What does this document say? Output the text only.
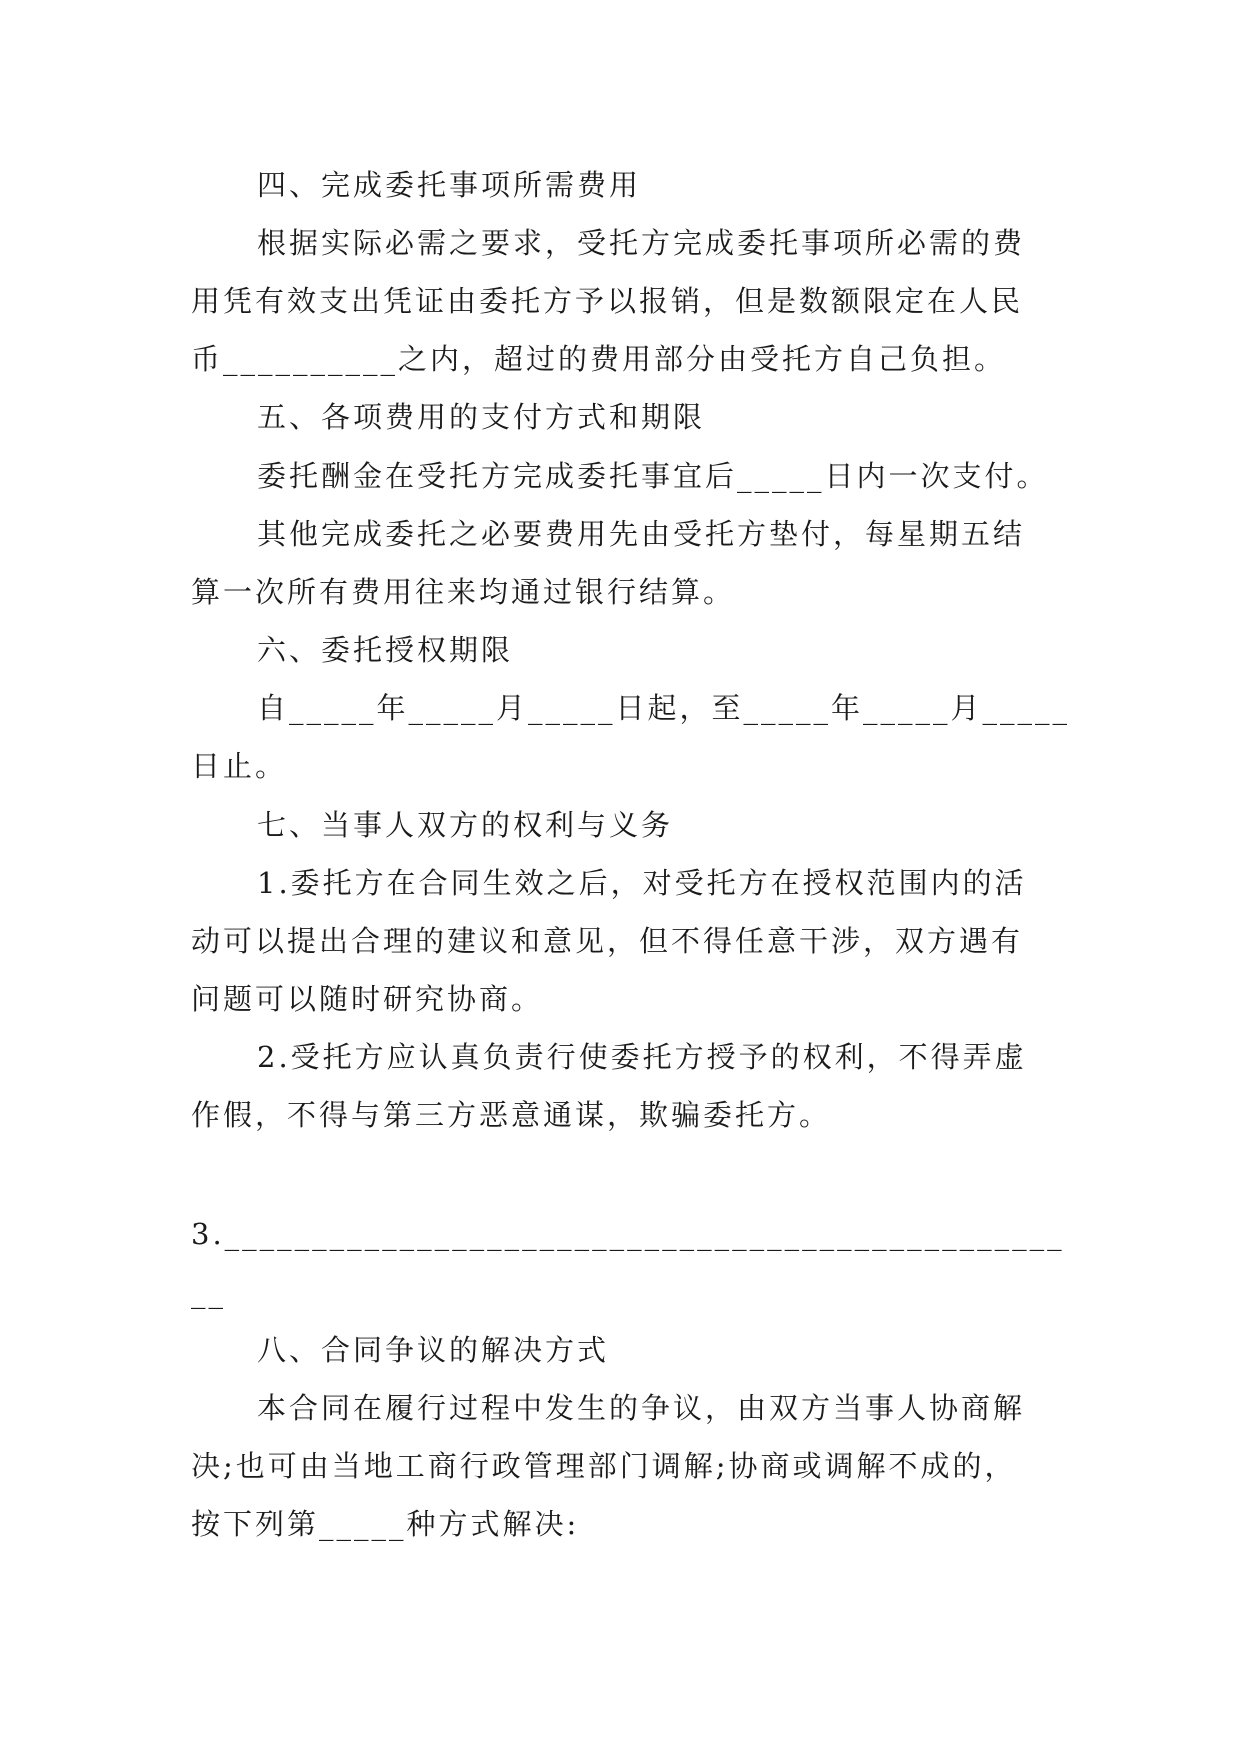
四、完成委托事项所需费用
根据实际必需之要求，受托方完成委托事项所必需的费
用凭有效支出凭证由委托方予以报销，但是数额限定在人民
币__________之内，超过的费用部分由受托方自己负担。
五、各项费用的支付方式和期限
委托酬金在受托方完成委托事宜后_____日内一次支付。
其他完成委托之必要费用先由受托方垫付，每星期五结
算一次所有费用往来均通过银行结算。
六、委托授权期限
自_____年_____月_____日起，至_____年_____月_____
日止。
七、当事人双方的权利与义务
1.委托方在合同生效之后，对受托方在授权范围内的活
动可以提出合理的建议和意见，但不得任意干涉，双方遇有
问题可以随时研究协商。
2.受托方应认真负责行使委托方授予的权利，不得弄虚
作假，不得与第三方恶意通谋，欺骗委托方。
3.________________________________________________
__
八、合同争议的解决方式
本合同在履行过程中发生的争议，由双方当事人协商解
决;也可由当地工商行政管理部门调解;协商或调解不成的，
按下列第_____种方式解决:
